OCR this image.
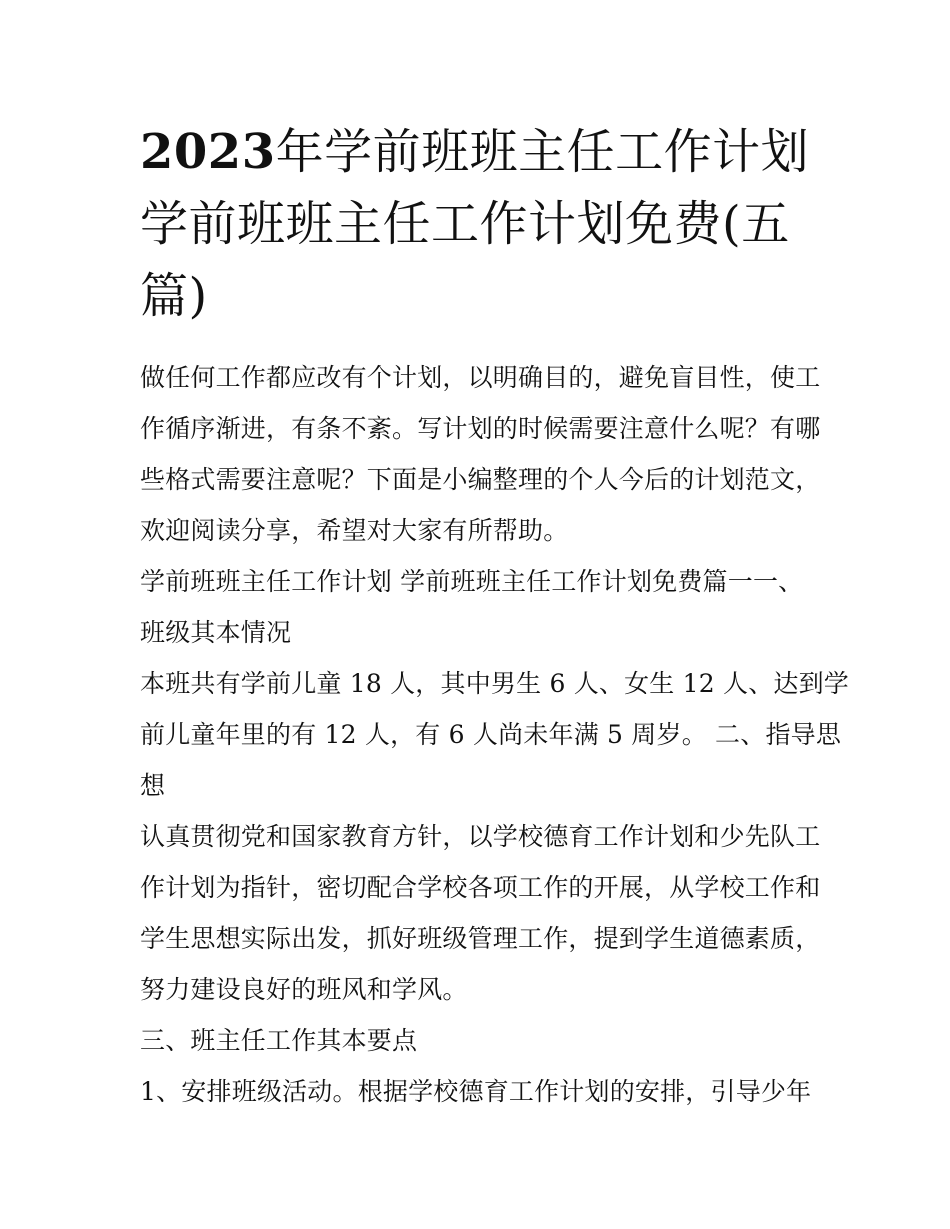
2023年学前班班主任工作计划
学前班班主任工作计划免费(五
篇)
做任何工作都应改有个计划，以明确目的，避免盲目性，使工
作循序渐进，有条不紊。写计划的时候需要注意什么呢？有哪
些格式需要注意呢？下面是小编整理的个人今后的计划范文，
欢迎阅读分享，希望对大家有所帮助。
学前班班主任工作计划 学前班班主任工作计划免费篇一一、
班级其本情况
本班共有学前儿童 18 人，其中男生 6 人、女生 12 人、达到学
前儿童年里的有 12 人，有 6 人尚未年满 5 周岁。 二、指导思
想
认真贯彻党和国家教育方针，以学校德育工作计划和少先队工
作计划为指针，密切配合学校各项工作的开展，从学校工作和
学生思想实际出发，抓好班级管理工作，提到学生道德素质，
努力建设良好的班风和学风。
三、班主任工作其本要点
1、安排班级活动。根据学校德育工作计划的安排，引导少年
